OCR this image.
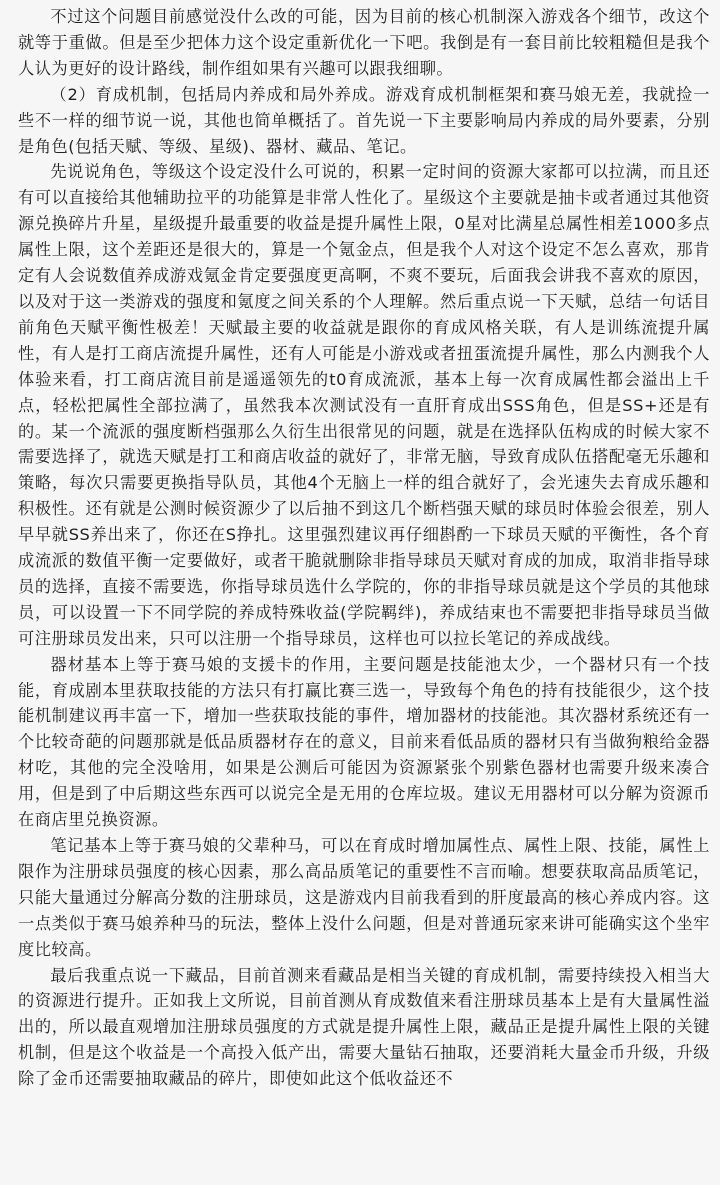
不过这个问题目前感觉没什么改的可能，因为目前的核心机制深入游戏各个细节，改这个就等于重做。但是至少把体力这个设定重新优化一下吧。我倒是有一套目前比较粗糙但是我个人认为更好的设计路线，制作组如果有兴趣可以跟我细聊。

（2）育成机制，包括局内养成和局外养成。游戏育成机制框架和赛马娘无差，我就捡一些不一样的细节说一说，其他也简单概括了。首先说一下主要影响局内养成的局外要素，分别是角色(包括天赋、等级、星级)、器材、藏品、笔记。

先说说角色，等级这个设定没什么可说的，积累一定时间的资源大家都可以拉满，而且还有可以直接给其他辅助拉平的功能算是非常人性化了。星级这个主要就是抽卡或者通过其他资源兑换碎片升星，星级提升最重要的收益是提升属性上限，0星对比满星总属性相差1000多点属性上限，这个差距还是很大的，算是一个氪金点，但是我个人对这个设定不怎么喜欢，那肯定有人会说数值养成游戏氪金肯定要强度更高啊，不爽不要玩，后面我会讲我不喜欢的原因，以及对于这一类游戏的强度和氪度之间关系的个人理解。然后重点说一下天赋，总结一句话目前角色天赋平衡性极差！天赋最主要的收益就是跟你的育成风格关联，有人是训练流提升属性，有人是打工商店流提升属性，还有人可能是小游戏或者扭蛋流提升属性，那么内测我个人体验来看，打工商店流目前是遥遥领先的t0育成流派，基本上每一次育成属性都会溢出上千点，轻松把属性全部拉满了，虽然我本次测试没有一直肝育成出SSS角色，但是SS+还是有的。某一个流派的强度断档强那么久衍生出很常见的问题，就是在选择队伍构成的时候大家不需要选择了，就选天赋是打工和商店收益的就好了，非常无脑，导致育成队伍搭配毫无乐趣和策略，每次只需要更换指导队员，其他4个无脑上一样的组合就好了，会光速失去育成乐趣和积极性。还有就是公测时候资源少了以后抽不到这几个断档强天赋的球员时体验会很差，别人早早就SS养出来了，你还在S挣扎。这里强烈建议再仔细斟酌一下球员天赋的平衡性，各个育成流派的数值平衡一定要做好，或者干脆就删除非指导球员天赋对育成的加成，取消非指导球员的选择，直接不需要选，你指导球员选什么学院的，你的非指导球员就是这个学员的其他球员，可以设置一下不同学院的养成特殊收益(学院羁绊)，养成结束也不需要把非指导球员当做可注册球员发出来，只可以注册一个指导球员，这样也可以拉长笔记的养成战线。

器材基本上等于赛马娘的支援卡的作用，主要问题是技能池太少，一个器材只有一个技能，育成剧本里获取技能的方法只有打赢比赛三选一，导致每个角色的持有技能很少，这个技能机制建议再丰富一下，增加一些获取技能的事件，增加器材的技能池。其次器材系统还有一个比较奇葩的问题那就是低品质器材存在的意义，目前来看低品质的器材只有当做狗粮给金器材吃，其他的完全没啥用，如果是公测后可能因为资源紧张个别紫色器材也需要升级来凑合用，但是到了中后期这些东西可以说完全是无用的仓库垃圾。建议无用器材可以分解为资源币在商店里兑换资源。

笔记基本上等于赛马娘的父辈种马，可以在育成时增加属性点、属性上限、技能，属性上限作为注册球员强度的核心因素，那么高品质笔记的重要性不言而喻。想要获取高品质笔记，只能大量通过分解高分数的注册球员，这是游戏内目前我看到的肝度最高的核心养成内容。这一点类似于赛马娘养种马的玩法，整体上没什么问题，但是对普通玩家来讲可能确实这个坐牢度比较高。

最后我重点说一下藏品，目前首测来看藏品是相当关键的育成机制，需要持续投入相当大的资源进行提升。正如我上文所说，目前首测从育成数值来看注册球员基本上是有大量属性溢出的，所以最直观增加注册球员强度的方式就是提升属性上限，藏品正是提升属性上限的关键机制，但是这个收益是一个高投入低产出，需要大量钻石抽取，还要消耗大量金币升级，升级除了金币还需要抽取藏品的碎片，即使如此这个低收益还不
